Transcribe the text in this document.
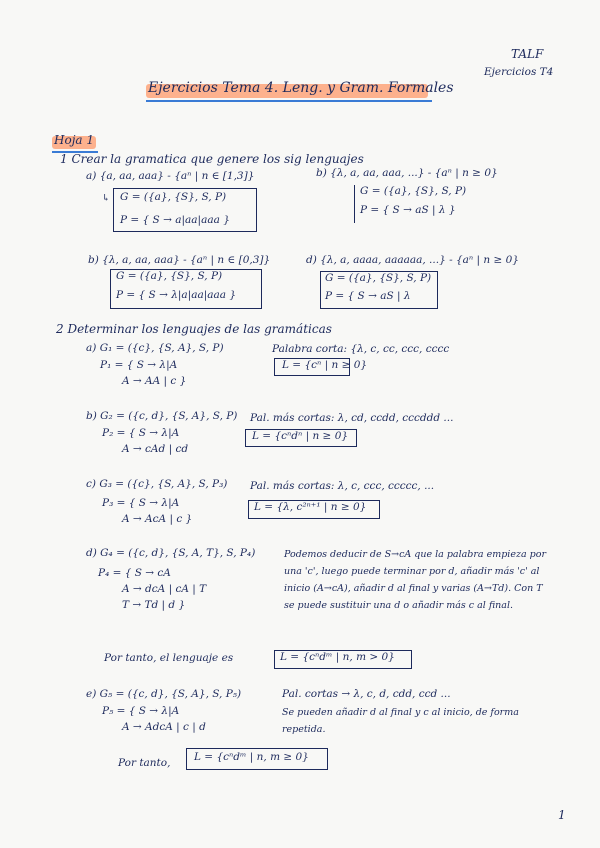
TALF
Ejercicios T4
Ejercicios Tema 4. Leng. y Gram. Formales
Hoja 1
1 Crear la gramatica que genere los sig lenguajes
a) {a, aa, aaa} - {aⁿ | n ∈ [1,3]}
↳ G = ({a}, {S}, S, P)
P = { S → a|aa|aaa }
b) {λ, a, aa, aaa, ...} - {aⁿ | n ≥ 0}
G = ({a}, {S}, S, P)
P = { S → aS | λ }
b) {λ, a, aa, aaa} - {aⁿ | n ∈ [0,3]}
G = ({a}, {S}, S, P)
P = { S → λ|a|aa|aaa }
d) {λ, a, aaaa, aaaaaa, ...} - {aⁿ | n ≥ 0}
G = ({a}, {S}, S, P)
P = { S → aS | λ
2 Determinar los lenguajes de las gramáticas
a) G₁ = ({c}, {S, A}, S, P)
P₁ = { S → λ|A
A → AA | c }
Palabra corta: {λ, c, cc, ccc, cccc
L = {cⁿ | n ≥ 0}
b) G₂ = ({c, d}, {S, A}, S, P)
P₂ = { S → λ|A
A → cAd | cd
Pal. más cortas: λ, cd, ccdd, cccddd ...
L = {cⁿdⁿ | n ≥ 0}
c) G₃ = ({c}, {S, A}, S, P₃)
P₃ = { S → λ|A
A → AcA | c }
Pal. más cortas: λ, c, ccc, ccccc, ...
L = {λ, c²ⁿ⁺¹ | n ≥ 0}
d) G₄ = ({c, d}, {S, A, T}, S, P₄)
P₄ = { S → cA
A → dcA | cA | T
T → Td | d }
Podemos deducir de S→cA que la palabra empieza por una 'c', luego puede terminar por d, añadir más 'c' al inicio (A→cA), añadir d al final y varias (A→Td). Con T se puede sustituir una d o añadir más c al final.
Por tanto, el lenguaje es	L = {cⁿdᵐ | n, m > 0}
e) G₅ = ({c, d}, {S, A}, S, P₅)
P₅ = { S → λ|A
A → AdcA | c | d
Pal. cortas → λ, c, d, cdd, ccd ...
Se pueden añadir d al final y c al inicio, de forma repetida.
Por tanto, L = {cⁿdᵐ | n, m ≥ 0}
1
